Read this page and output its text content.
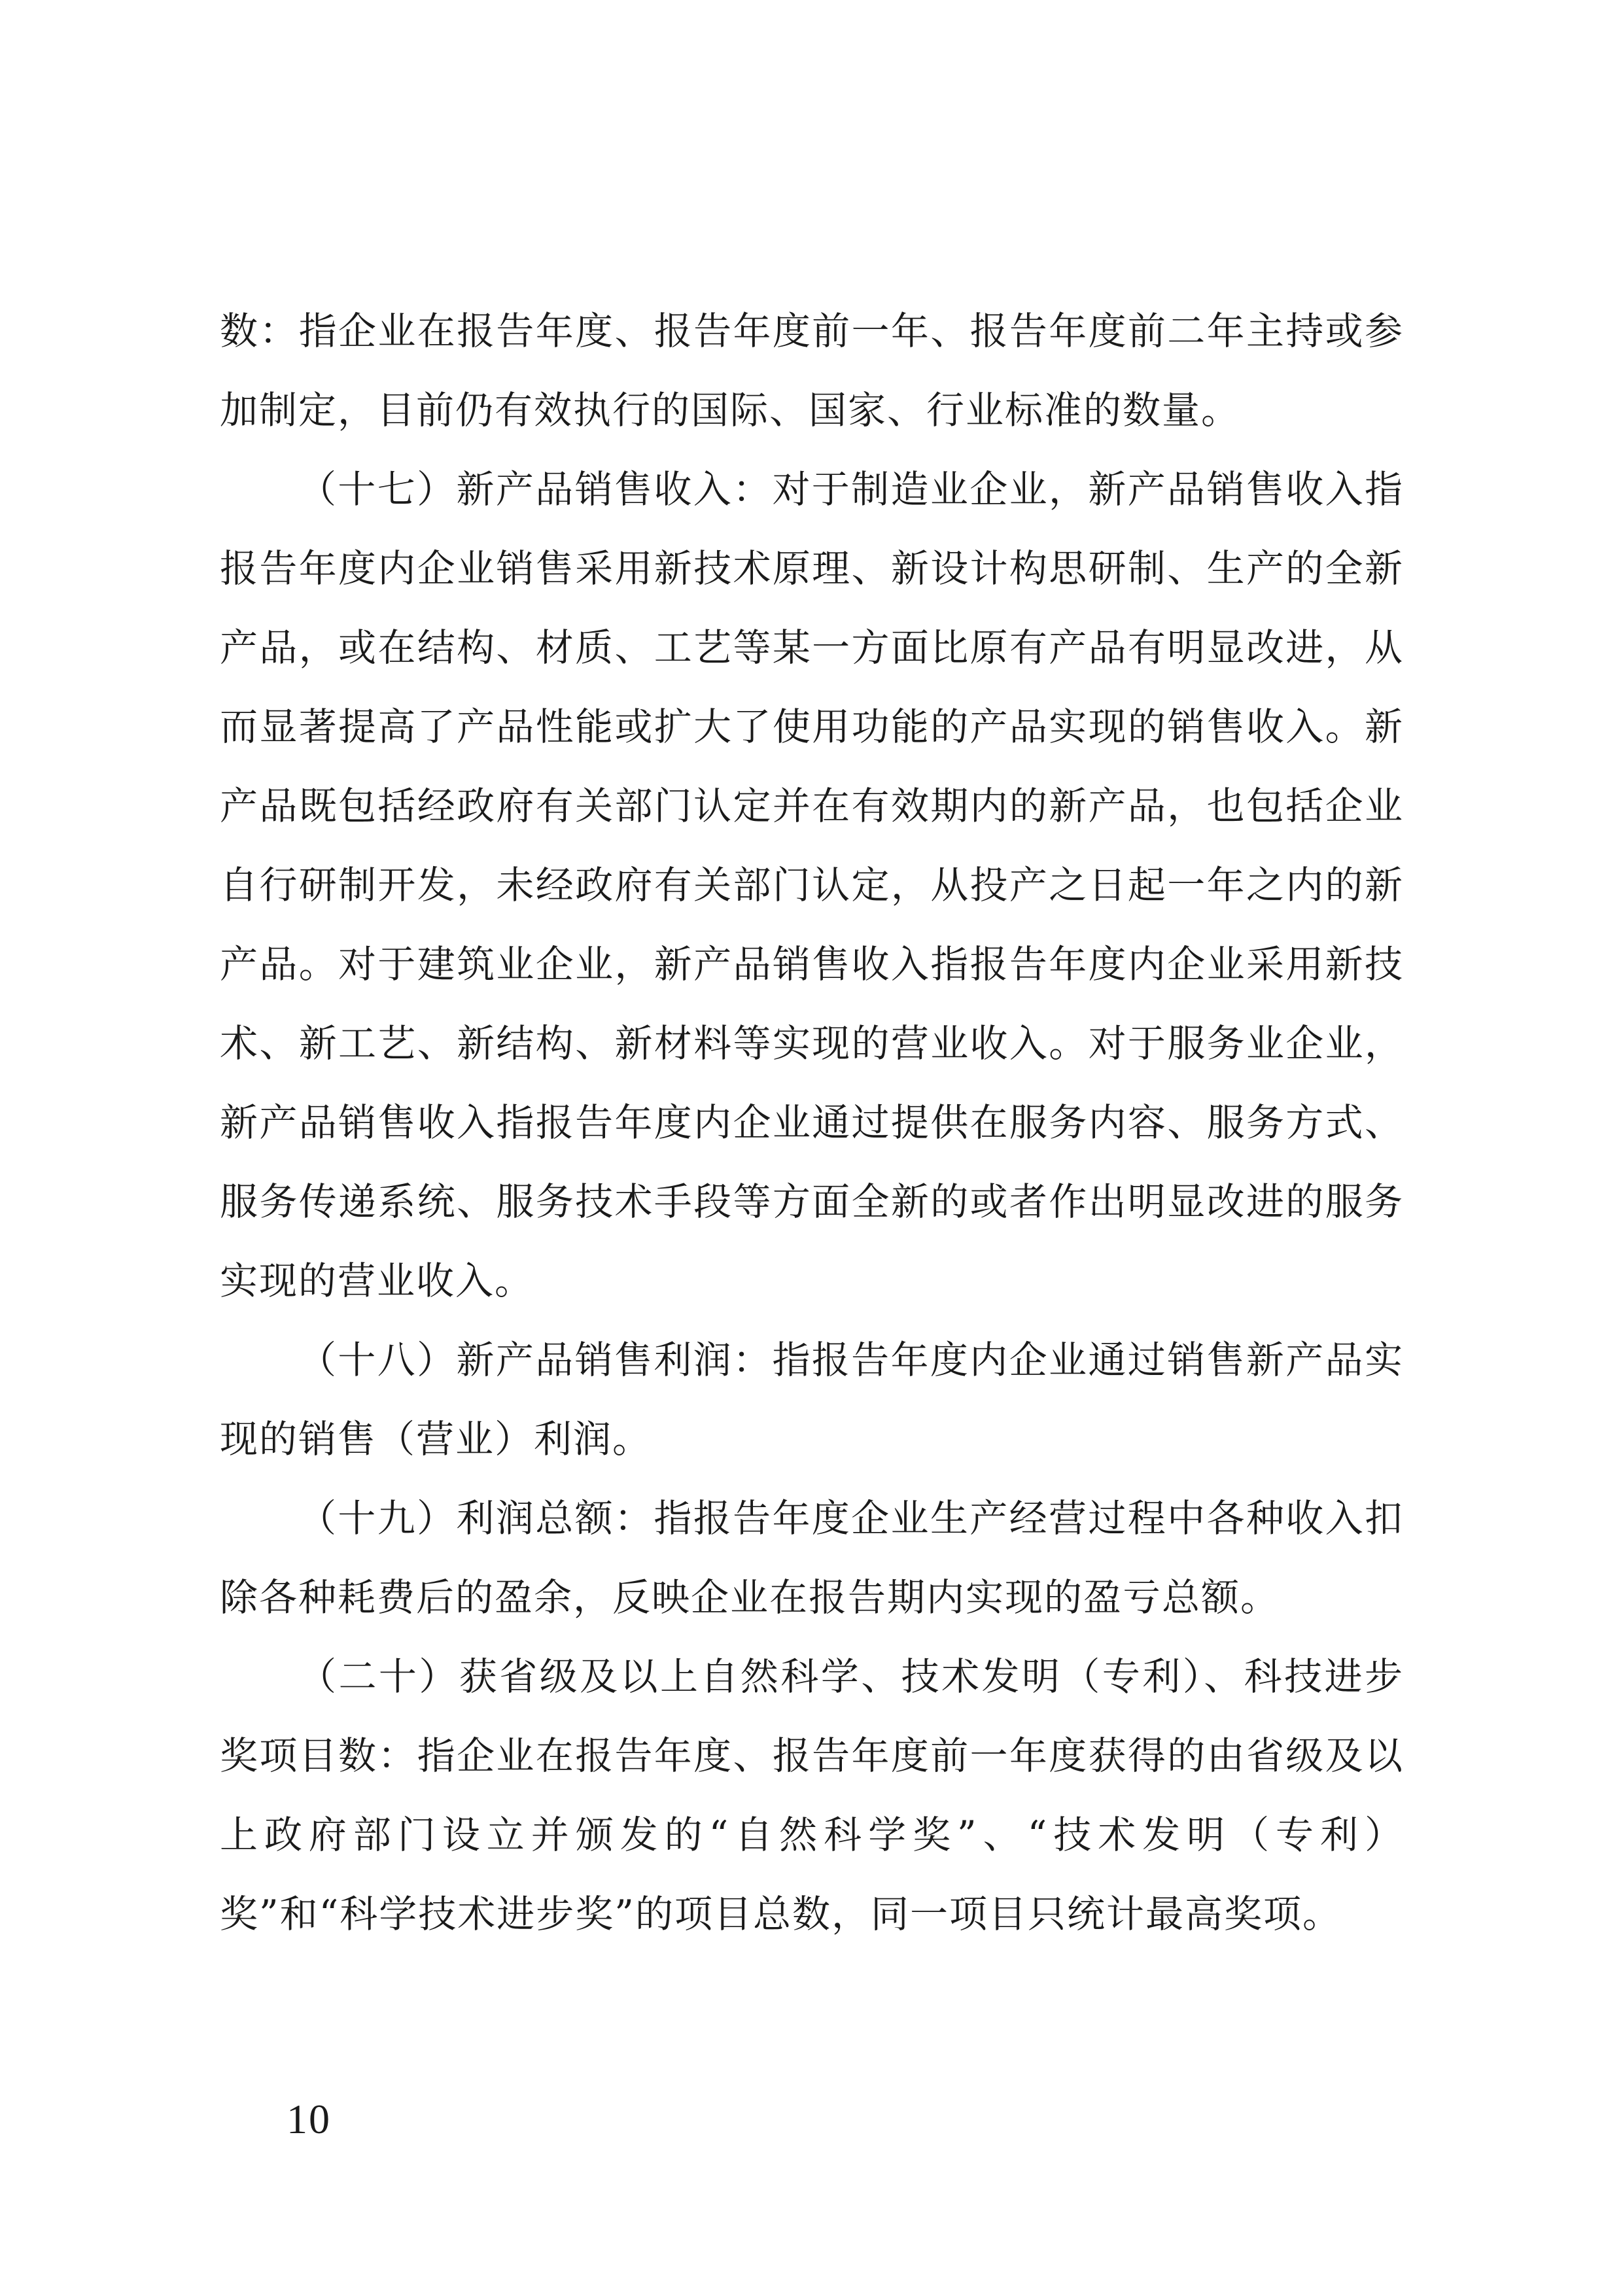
数：指企业在报告年度、报告年度前一年、报告年度前二年主持或参加制定，目前仍有效执行的国际、国家、行业标准的数量。

（十七）新产品销售收入：对于制造业企业，新产品销售收入指报告年度内企业销售采用新技术原理、新设计构思研制、生产的全新产品，或在结构、材质、工艺等某一方面比原有产品有明显改进，从而显著提高了产品性能或扩大了使用功能的产品实现的销售收入。新产品既包括经政府有关部门认定并在有效期内的新产品，也包括企业自行研制开发，未经政府有关部门认定，从投产之日起一年之内的新产品。对于建筑业企业，新产品销售收入指报告年度内企业采用新技术、新工艺、新结构、新材料等实现的营业收入。对于服务业企业，新产品销售收入指报告年度内企业通过提供在服务内容、服务方式、服务传递系统、服务技术手段等方面全新的或者作出明显改进的服务实现的营业收入。

（十八）新产品销售利润：指报告年度内企业通过销售新产品实现的销售（营业）利润。

（十九）利润总额：指报告年度企业生产经营过程中各种收入扣除各种耗费后的盈余，反映企业在报告期内实现的盈亏总额。

（二十）获省级及以上自然科学、技术发明（专利）、科技进步奖项目数：指企业在报告年度、报告年度前一年度获得的由省级及以上政府部门设立并颁发的“自然科学奖”、“技术发明（专利）奖”和“科学技术进步奖”的项目总数，同一项目只统计最高奖项。

10
